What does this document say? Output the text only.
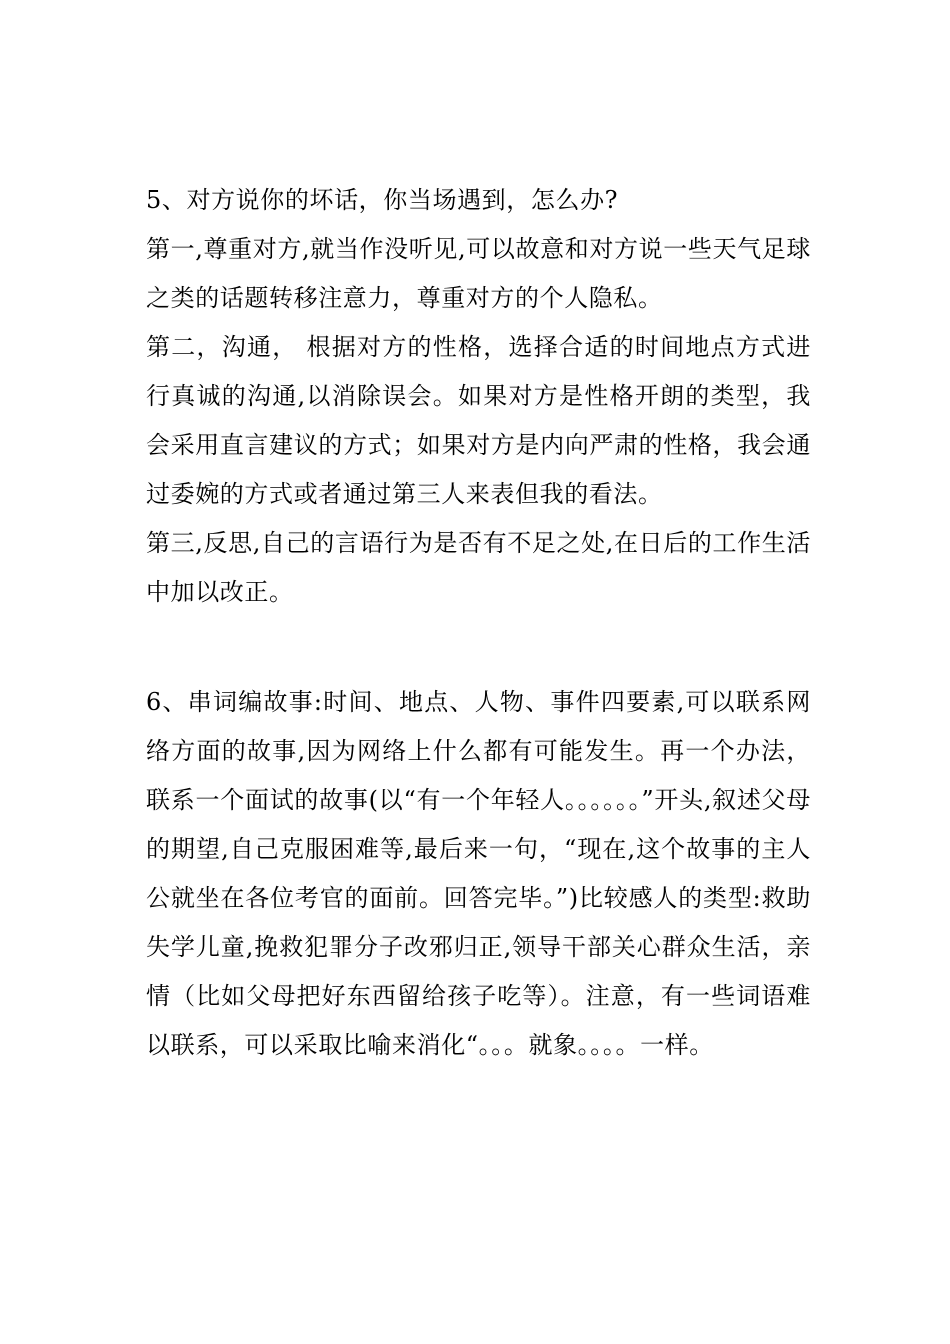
5、对方说你的坏话，你当场遇到，怎么办?

第一,尊重对方,就当作没听见,可以故意和对方说一些天气足球之类的话题转移注意力，尊重对方的个人隐私。

第二，沟通， 根据对方的性格，选择合适的时间地点方式进行真诚的沟通,以消除误会。如果对方是性格开朗的类型，我会采用直言建议的方式；如果对方是内向严肃的性格，我会通过委婉的方式或者通过第三人来表但我的看法。

第三,反思,自己的言语行为是否有不足之处,在日后的工作生活中加以改正。

6、串词编故事:时间、地点、人物、事件四要素,可以联系网络方面的故事,因为网络上什么都有可能发生。再一个办法，联系一个面试的故事(以“有一个年轻人。。。。。。”开头,叙述父母的期望,自己克服困难等,最后来一句，“现在,这个故事的主人公就坐在各位考官的面前。回答完毕。”)比较感人的类型:救助失学儿童,挽救犯罪分子改邪归正,领导干部关心群众生活，亲情（比如父母把好东西留给孩子吃等）。注意，有一些词语难以联系，可以采取比喻来消化“。。。就象。。。。一样。
